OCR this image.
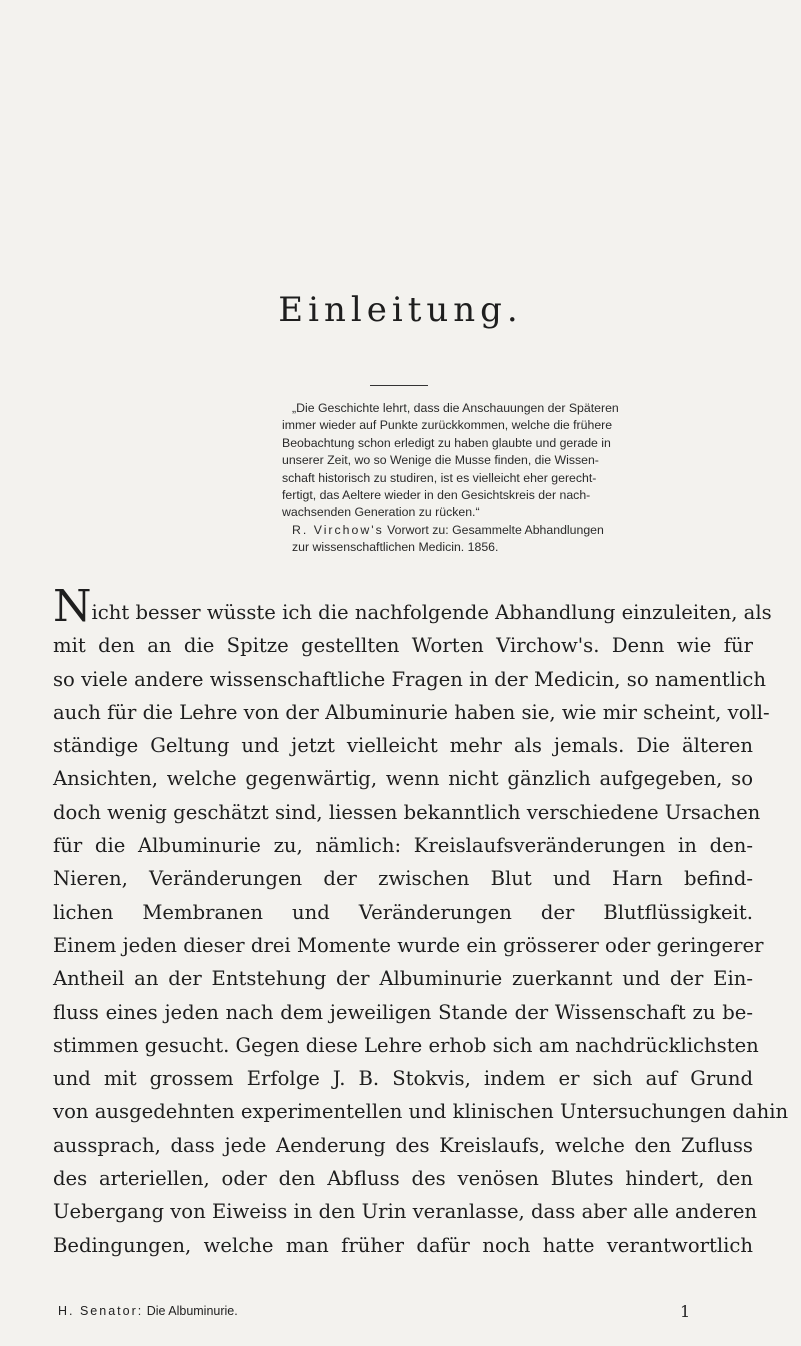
Einleitung.

„Die Geschichte lehrt, dass die Anschauungen der Späteren
immer wieder auf Punkte zurückkommen, welche die frühere
Beobachtung schon erledigt zu haben glaubte und gerade in
unserer Zeit, wo so Wenige die Musse finden, die Wissen-
schaft historisch zu studiren, ist es vielleicht eher gerecht-
fertigt, das Aeltere wieder in den Gesichtskreis der nach-
wachsenden Generation zu rücken.“

R. Virchow's Vorwort zu: Gesammelte Abhandlungen
zur wissenschaftlichen Medicin. 1856.

Nicht besser wüsste ich die nachfolgende Abhandlung einzuleiten, als
mit den an die Spitze gestellten Worten Virchow's. Denn wie für
so viele andere wissenschaftliche Fragen in der Medicin, so namentlich
auch für die Lehre von der Albuminurie haben sie, wie mir scheint, voll-
ständige Geltung und jetzt vielleicht mehr als jemals. Die älteren
Ansichten, welche gegenwärtig, wenn nicht gänzlich aufgegeben, so
doch wenig geschätzt sind, liessen bekanntlich verschiedene Ursachen
für die Albuminurie zu, nämlich: Kreislaufsveränderungen in den-
Nieren, Veränderungen der zwischen Blut und Harn befind-
lichen Membranen und Veränderungen der Blutflüssigkeit.
Einem jeden dieser drei Momente wurde ein grösserer oder geringerer
Antheil an der Entstehung der Albuminurie zuerkannt und der Ein-
fluss eines jeden nach dem jeweiligen Stande der Wissenschaft zu be-
stimmen gesucht. Gegen diese Lehre erhob sich am nachdrücklichsten
und mit grossem Erfolge J. B. Stokvis, indem er sich auf Grund
von ausgedehnten experimentellen und klinischen Untersuchungen dahin
aussprach, dass jede Aenderung des Kreislaufs, welche den Zufluss
des arteriellen, oder den Abfluss des venösen Blutes hindert, den
Uebergang von Eiweiss in den Urin veranlasse, dass aber alle anderen
Bedingungen, welche man früher dafür noch hatte verantwortlich
H. Senator: Die Albuminurie.	1
